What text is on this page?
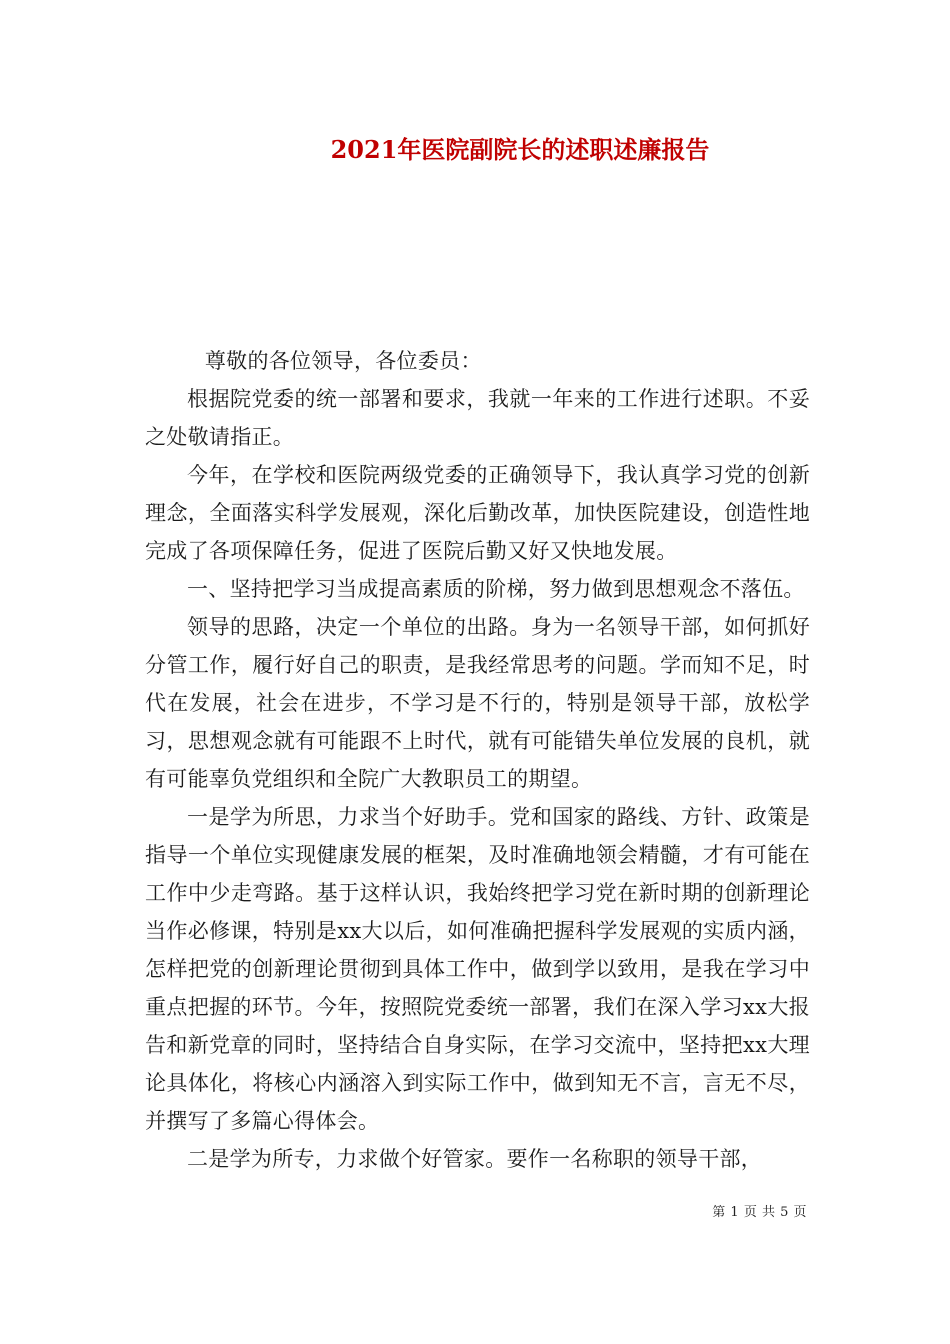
2021年医院副院长的述职述廉报告

尊敬的各位领导，各位委员：

根据院党委的统一部署和要求，我就一年来的工作进行述职。不妥之处敬请指正。

今年，在学校和医院两级党委的正确领导下，我认真学习党的创新理念，全面落实科学发展观，深化后勤改革，加快医院建设，创造性地完成了各项保障任务，促进了医院后勤又好又快地发展。

一、坚持把学习当成提高素质的阶梯，努力做到思想观念不落伍。

领导的思路，决定一个单位的出路。身为一名领导干部，如何抓好分管工作，履行好自己的职责，是我经常思考的问题。学而知不足，时代在发展，社会在进步，不学习是不行的，特别是领导干部，放松学习，思想观念就有可能跟不上时代，就有可能错失单位发展的良机，就有可能辜负党组织和全院广大教职员工的期望。

一是学为所思，力求当个好助手。党和国家的路线、方针、政策是指导一个单位实现健康发展的框架，及时准确地领会精髓，才有可能在工作中少走弯路。基于这样认识，我始终把学习党在新时期的创新理论当作必修课，特别是xx大以后，如何准确把握科学发展观的实质内涵，怎样把党的创新理论贯彻到具体工作中，做到学以致用，是我在学习中重点把握的环节。今年，按照院党委统一部署，我们在深入学习xx大报告和新党章的同时，坚持结合自身实际，在学习交流中，坚持把xx大理论具体化，将核心内涵溶入到实际工作中，做到知无不言，言无不尽，并撰写了多篇心得体会。

二是学为所专，力求做个好管家。要作一名称职的领导干部，

第 1 页 共 5 页
